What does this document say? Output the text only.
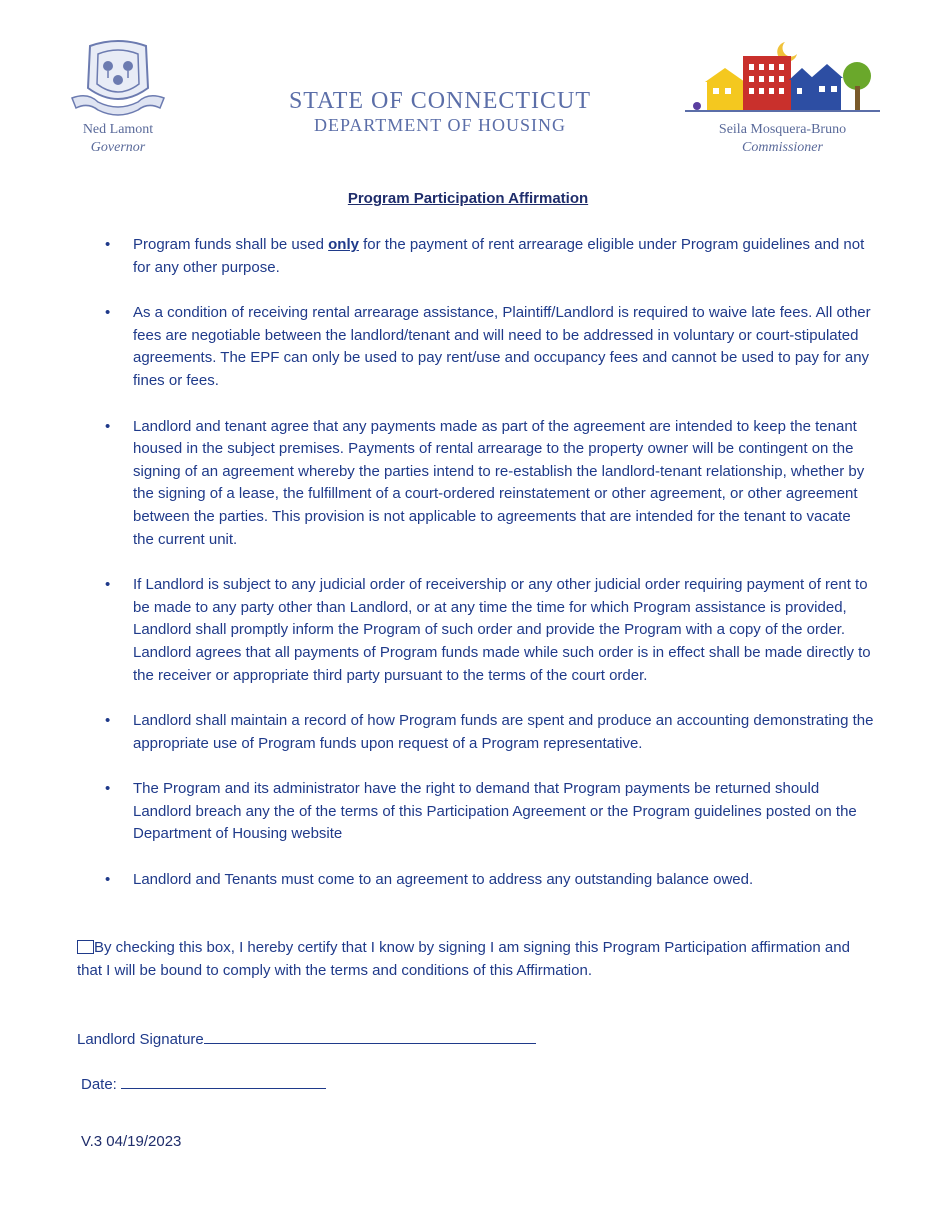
Ned Lamont
Governor
STATE OF CONNECTICUT
DEPARTMENT OF HOUSING	Seila Mosquera-Bruno
Commissioner
Program Participation Affirmation
• Program funds shall be used only for the payment of rent arrearage eligible under Program guidelines and not for any other purpose.
• As a condition of receiving rental arrearage assistance, Plaintiff/Landlord is required to waive late fees. All other fees are negotiable between the landlord/tenant and will need to be addressed in voluntary or court-stipulated agreements. The EPF can only be used to pay rent/use and occupancy fees and cannot be used to pay for any fines or fees.
• Landlord and tenant agree that any payments made as part of the agreement are intended to keep the tenant housed in the subject premises. Payments of rental arrearage to the property owner will be contingent on the signing of an agreement whereby the parties intend to re-establish the landlord-tenant relationship, whether by the signing of a lease, the fulfillment of a court-ordered reinstatement or other agreement, or other agreement between the parties. This provision is not applicable to agreements that are intended for the tenant to vacate the current unit.
• If Landlord is subject to any judicial order of receivership or any other judicial order requiring payment of rent to be made to any party other than Landlord, or at any time the time for which Program assistance is provided, Landlord shall promptly inform the Program of such order and provide the Program with a copy of the order. Landlord agrees that all payments of Program funds made while such order is in effect shall be made directly to the receiver or appropriate third party pursuant to the terms of the court order.
• Landlord shall maintain a record of how Program funds are spent and produce an accounting demonstrating the appropriate use of Program funds upon request of a Program representative.
• The Program and its administrator have the right to demand that Program payments be returned should Landlord breach any the of the terms of this Participation Agreement or the Program guidelines posted on the Department of Housing website
• Landlord and Tenants must come to an agreement to address any outstanding balance owed.
By checking this box, I hereby certify that I know by signing I am signing this Program Participation affirmation and that I will be bound to comply with the terms and conditions of this Affirmation.
Landlord Signature
Date:
V.3 04/19/2023
